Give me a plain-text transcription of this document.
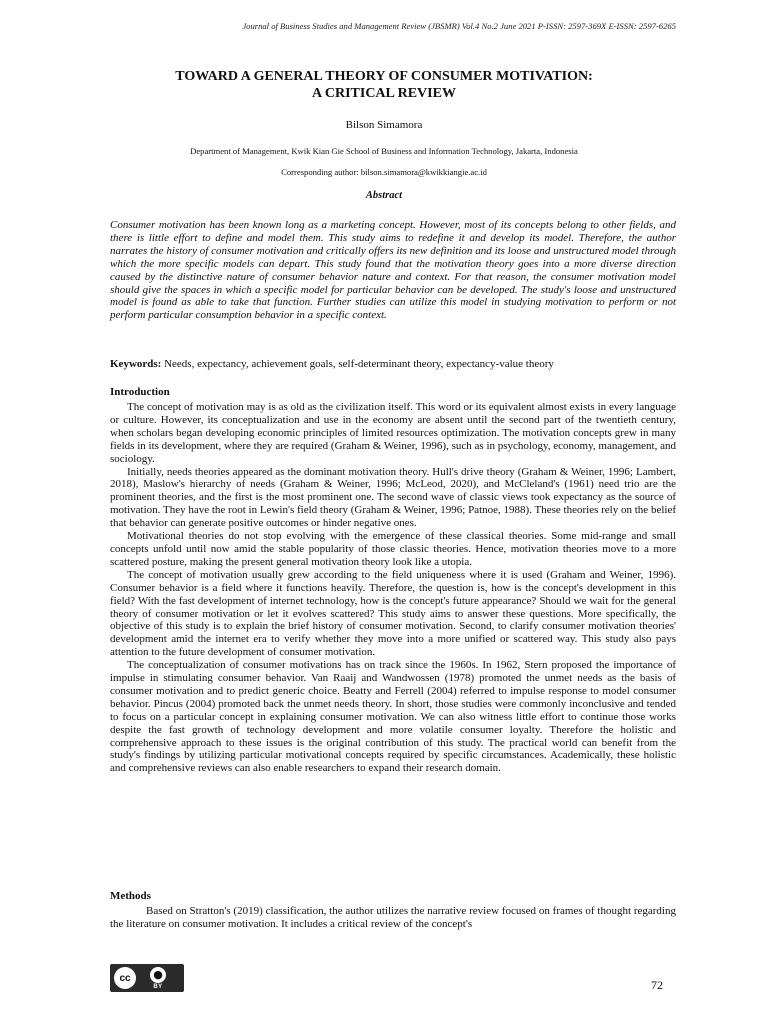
Journal of Business Studies and Management Review (JBSMR) Vol.4 No.2 June 2021 P-ISSN: 2597-369X E-ISSN: 2597-6265
TOWARD A GENERAL THEORY OF CONSUMER MOTIVATION:
A CRITICAL REVIEW
Bilson Simamora
Department of Management, Kwik Kian Gie School of Business and Information Technology, Jakarta, Indonesia
Corresponding author: bilson.simamora@kwikkiangie.ac.id
Abstract

Consumer motivation has been known long as a marketing concept. However, most of its concepts belong to other fields, and there is little effort to define and model them. This study aims to redefine it and develop its model. Therefore, the author narrates the history of consumer motivation and critically offers its new definition and its loose and unstructured model through which the more specific models can depart. This study found that the motivation theory goes into a more diverse direction caused by the distinctive nature of consumer behavior nature and context. For that reason, the consumer motivation model should give the spaces in which a specific model for particular behavior can be developed. The study's loose and unstructured model is found as able to take that function. Further studies can utilize this model in studying motivation to perform or not perform particular consumption behavior in a specific context.

Keywords: Needs, expectancy, achievement goals, self-determinant theory, expectancy-value theory

Introduction

The concept of motivation may is as old as the civilization itself. This word or its equivalent almost exists in every language or culture. However, its conceptualization and use in the economy are absent until the second part of the twentieth century, when scholars began developing economic principles of limited resources optimization. The motivation concepts grew in many fields in its development, where they are required (Graham & Weiner, 1996), such as in psychology, economy, management, and sociology.

Initially, needs theories appeared as the dominant motivation theory. Hull's drive theory (Graham & Weiner, 1996; Lambert, 2018), Maslow's hierarchy of needs (Graham & Weiner, 1996; McLeod, 2020), and McCleland's (1961) need trio are the prominent theories, and the first is the most prominent one. The second wave of classic views took expectancy as the source of motivation. They have the root in Lewin's field theory (Graham & Weiner, 1996; Patnoe, 1988). These theories rely on the belief that behavior can generate positive outcomes or hinder negative ones.

Motivational theories do not stop evolving with the emergence of these classical theories. Some mid-range and small concepts unfold until now amid the stable popularity of those classic theories. Hence, motivation theories move to a more scattered posture, making the present general motivation theory look like a utopia.

The concept of motivation usually grew according to the field uniqueness where it is used (Graham and Weiner, 1996). Consumer behavior is a field where it functions heavily. Therefore, the question is, how is the concept's development in this field? With the fast development of internet technology, how is the concept's future appearance? Should we wait for the general theory of consumer motivation or let it evolves scattered? This study aims to answer these questions. More specifically, the objective of this study is to explain the brief history of consumer motivation. Second, to clarify consumer motivation theories' development amid the internet era to verify whether they move into a more unified or scattered way. This study also pays attention to the future development of consumer motivation.

The conceptualization of consumer motivations has on track since the 1960s. In 1962, Stern proposed the importance of impulse in stimulating consumer behavior. Van Raaij and Wandwossen (1978) promoted the unmet needs as the basis of consumer motivation and to predict generic choice. Beatty and Ferrell (2004) referred to impulse response to model consumer behavior. Pincus (2004) promoted back the unmet needs theory. In short, those studies were commonly inconclusive and tended to focus on a particular concept in explaining consumer motivation. We can also witness little effort to continue those works despite the fast growth of technology development and more volatile consumer loyalty. Therefore the holistic and comprehensive approach to these issues is the original contribution of this study. The practical world can benefit from the study's findings by utilizing particular motivational concepts required by specific circumstances. Academically, these holistic and comprehensive reviews can also enable researchers to expand their research domain.

Methods

Based on Stratton's (2019) classification, the author utilizes the narrative review focused on frames of thought regarding the literature on consumer motivation. It includes a critical review of the concept's

cc	●
BY	72
